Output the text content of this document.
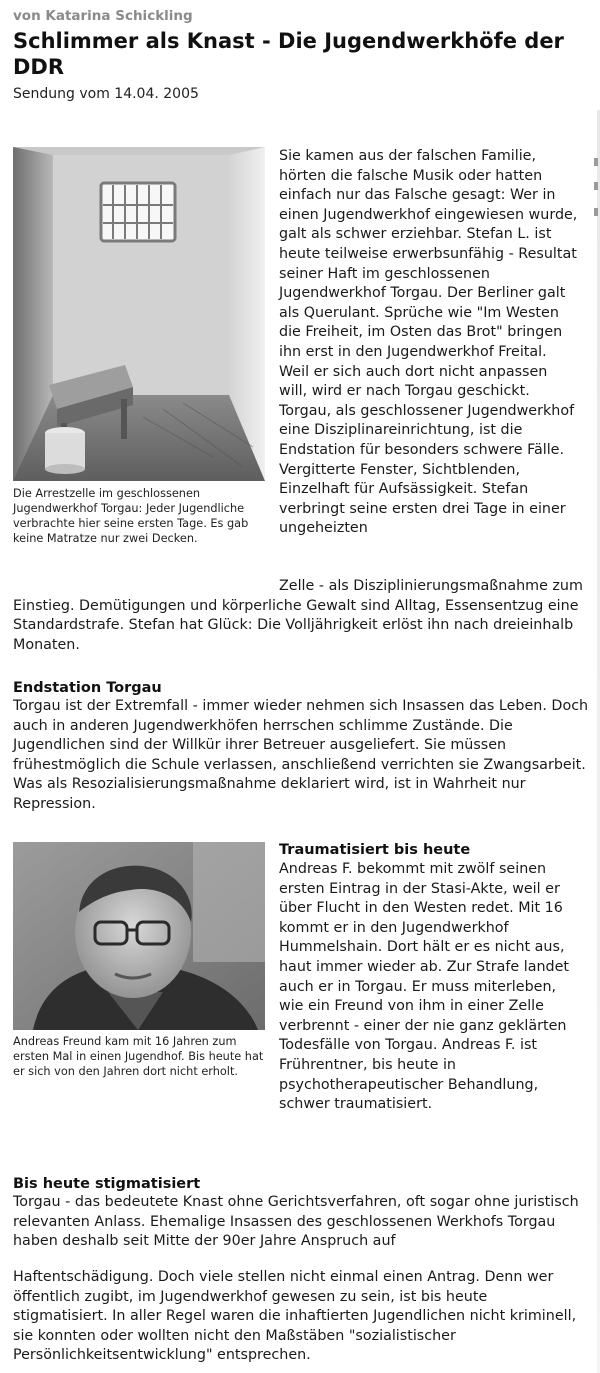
von Katarina Schickling
Schlimmer als Knast - Die Jugendwerkhöfe der DDR
Sendung vom 14.04. 2005
Die Arrestzelle im geschlossenen Jugendwerkhof Torgau: Jeder Jugendliche verbrachte hier seine ersten Tage. Es gab keine Matratze nur zwei Decken.
Sie kamen aus der falschen Familie, hörten die falsche Musik oder hatten einfach nur das Falsche gesagt: Wer in einen Jugendwerkhof eingewiesen wurde, galt als schwer erziehbar. Stefan L. ist heute teilweise erwerbsunfähig - Resultat seiner Haft im geschlossenen Jugendwerkhof Torgau. Der Berliner galt als Querulant. Sprüche wie "Im Westen die Freiheit, im Osten das Brot" bringen ihn erst in den Jugendwerkhof Freital. Weil er sich auch dort nicht anpassen will, wird er nach Torgau geschickt. Torgau, als geschlossener Jugendwerkhof eine Disziplinareinrichtung, ist die Endstation für besonders schwere Fälle. Vergitterte Fenster, Sichtblenden, Einzelhaft für Aufsässigkeit. Stefan verbringt seine ersten drei Tage in einer ungeheizten
Zelle - als Disziplinierungsmaßnahme zum Einstieg. Demütigungen und körperliche Gewalt sind Alltag, Essensentzug eine Standardstrafe. Stefan hat Glück: Die Volljährigkeit erlöst ihn nach dreieinhalb Monaten.
Endstation Torgau
Torgau ist der Extremfall - immer wieder nehmen sich Insassen das Leben. Doch auch in anderen Jugendwerkhöfen herrschen schlimme Zustände. Die Jugendlichen sind der Willkür ihrer Betreuer ausgeliefert. Sie müssen frühestmöglich die Schule verlassen, anschließend verrichten sie Zwangsarbeit. Was als Resozialisierungsmaßnahme deklariert wird, ist in Wahrheit nur Repression.
Andreas Freund kam mit 16 Jahren zum ersten Mal in einen Jugendhof. Bis heute hat er sich von den Jahren dort nicht erholt.
Traumatisiert bis heute
Andreas F. bekommt mit zwölf seinen ersten Eintrag in der Stasi-Akte, weil er über Flucht in den Westen redet. Mit 16 kommt er in den Jugendwerkhof Hummelshain. Dort hält er es nicht aus, haut immer wieder ab. Zur Strafe landet auch er in Torgau. Er muss miterleben, wie ein Freund von ihm in einer Zelle verbrennt - einer der nie ganz geklärten Todesfälle von Torgau. Andreas F. ist Frührentner, bis heute in psychotherapeutischer Behandlung, schwer traumatisiert.
Bis heute stigmatisiert
Torgau - das bedeutete Knast ohne Gerichtsverfahren, oft sogar ohne juristisch relevanten Anlass. Ehemalige Insassen des geschlossenen Werkhofs Torgau haben deshalb seit Mitte der 90er Jahre Anspruch auf
Haftentschädigung. Doch viele stellen nicht einmal einen Antrag. Denn wer öffentlich zugibt, im Jugendwerkhof gewesen zu sein, ist bis heute stigmatisiert. In aller Regel waren die inhaftierten Jugendlichen nicht kriminell, sie konnten oder wollten nicht den Maßstäben "sozialistischer Persönlichkeitsentwicklung" entsprechen.
